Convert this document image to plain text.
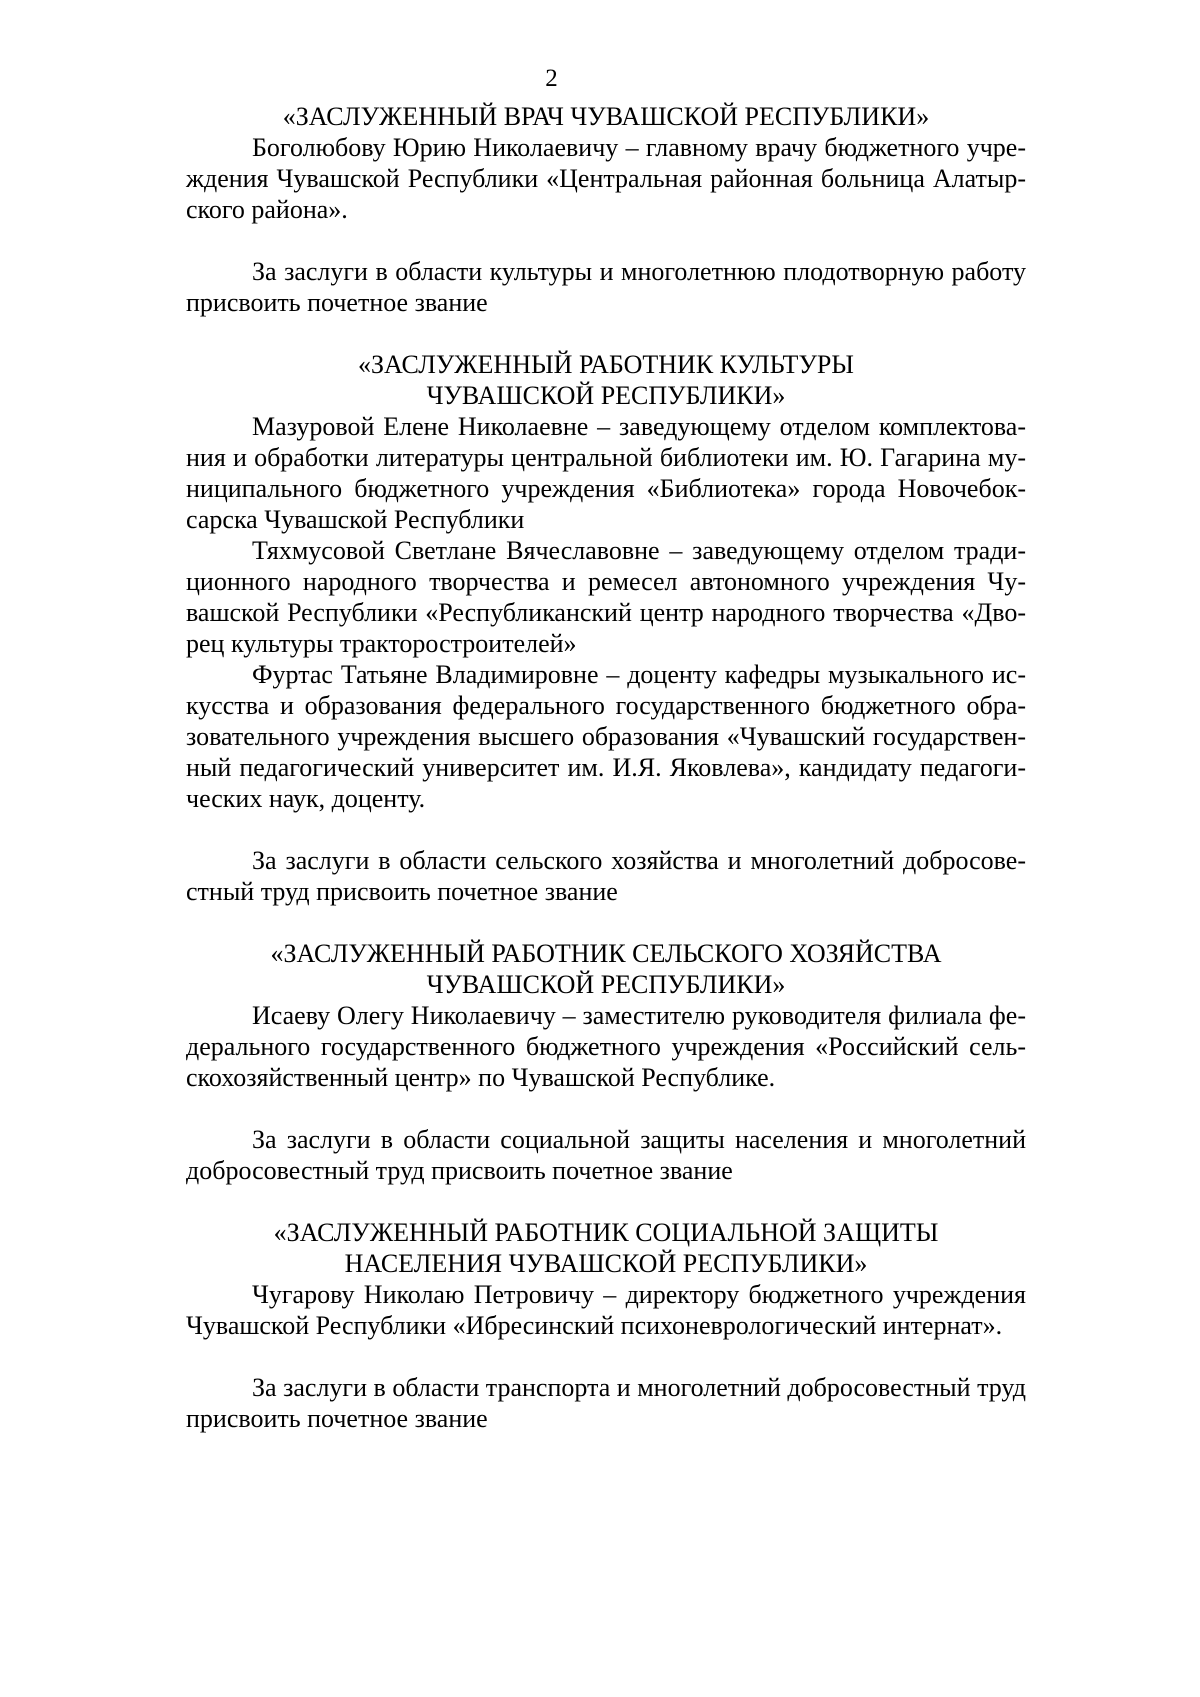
2

«ЗАСЛУЖЕННЫЙ ВРАЧ ЧУВАШСКОЙ РЕСПУБЛИКИ»

Боголюбову Юрию Николаевичу – главному врачу бюджетного учреждения Чувашской Республики «Центральная районная больница Алатырского района».

За заслуги в области культуры и многолетнюю плодотворную работу присвоить почетное звание

«ЗАСЛУЖЕННЫЙ РАБОТНИК КУЛЬТУРЫ

ЧУВАШСКОЙ РЕСПУБЛИКИ»

Мазуровой Елене Николаевне – заведующему отделом комплектования и обработки литературы центральной библиотеки им. Ю. Гагарина муниципального бюджетного учреждения «Библиотека» города Новочебоксарска Чувашской Республики

Тяхмусовой Светлане Вячеславовне – заведующему отделом традиционного народного творчества и ремесел автономного учреждения Чувашской Республики «Республиканский центр народного творчества «Дворец культуры тракторостроителей»

Фуртас Татьяне Владимировне – доценту кафедры музыкального искусства и образования федерального государственного бюджетного образовательного учреждения высшего образования «Чувашский государственный педагогический университет им. И.Я. Яковлева», кандидату педагогических наук, доценту.

За заслуги в области сельского хозяйства и многолетний добросовестный труд присвоить почетное звание

«ЗАСЛУЖЕННЫЙ РАБОТНИК СЕЛЬСКОГО ХОЗЯЙСТВА

ЧУВАШСКОЙ РЕСПУБЛИКИ»

Исаеву Олегу Николаевичу – заместителю руководителя филиала федерального государственного бюджетного учреждения «Российский сельскохозяйственный центр» по Чувашской Республике.

За заслуги в области социальной защиты населения и многолетний добросовестный труд присвоить почетное звание

«ЗАСЛУЖЕННЫЙ РАБОТНИК СОЦИАЛЬНОЙ ЗАЩИТЫ

НАСЕЛЕНИЯ ЧУВАШСКОЙ РЕСПУБЛИКИ»

Чугарову Николаю Петровичу – директору бюджетного учреждения Чувашской Республики «Ибресинский психоневрологический интернат».

За заслуги в области транспорта и многолетний добросовестный труд присвоить почетное звание
